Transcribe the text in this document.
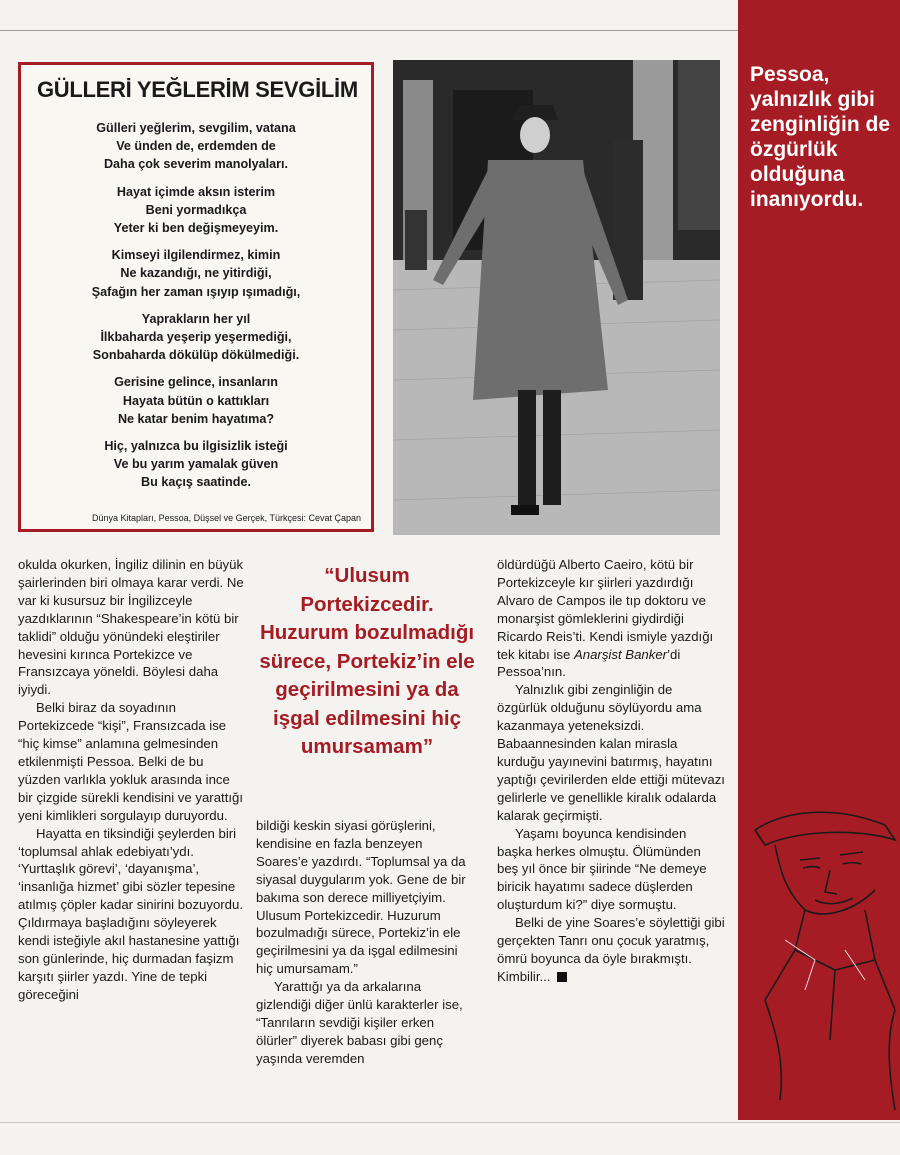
Pessoa, yalnızlık gibi zenginliğin de özgürlük olduğuna inanıyordu.
GÜLLERİ YEĞLERİM SEVGİLİM
Gülleri yeğlerim, sevgilim, vatana
Ve ünden de, erdemden de
Daha çok severim manolyaları.
Hayat içimde aksın isterim
Beni yormadıkça
Yeter ki ben değişmeyeyim.
Kimseyi ilgilendirmez, kimin
Ne kazandığı, ne yitirdiği,
Şafağın her zaman ışıyıp ışımadığı,
Yaprakların her yıl
İlkbaharda yeşerip yeşermediği,
Sonbaharda dökülüp dökülmediği.
Gerisine gelince, insanların
Hayata bütün o kattıkları
Ne katar benim hayatıma?
Hiç, yalnızca bu ilgisizlik isteği
Ve bu yarım yamalak güven
Bu kaçış saatinde.
Dünya Kitapları, Pessoa, Düşsel ve Gerçek, Türkçesi: Cevat Çapan

okulda okurken, İngiliz dilinin en büyük şairlerinden biri olmaya karar verdi. Ne var ki kusursuz bir İngilizceyle yazdıklarının “Shakespeare’in kötü bir taklidi” olduğu yönündeki eleştiriler hevesini kırınca Portekizce ve Fransızcaya yöneldi. Böylesi daha iyiydi.

Belki biraz da soyadının Portekizcede “kişi”, Fransızcada ise “hiç kimse” anlamına gelmesinden etkilenmişti Pessoa. Belki de bu yüzden varlıkla yokluk arasında ince bir çizgide sürekli kendisini ve yarattığı yeni kimlikleri sorgulayıp duruyordu.

Hayatta en tiksindiği şeylerden biri ‘toplumsal ahlak edebiyatı’ydı. ‘Yurttaşlık görevi’, ‘dayanışma’, ‘insanlığa hizmet’ gibi sözler tepesine atılmış çöpler kadar sinirini bozuyordu. Çıldırmaya başladığını söyleyerek kendi isteğiyle akıl hastanesine yattığı son günlerinde, hiç durmadan faşizm karşıtı şiirler yazdı. Yine de tepki göreceğini

“Ulusum Portekizcedir. Huzurum bozulmadığı sürece, Portekiz’in ele geçirilmesini ya da işgal edilmesini hiç umursamam”

bildiği keskin siyasi görüşlerini, kendisine en fazla benzeyen Soares’e yazdırdı. “Toplumsal ya da siyasal duygularım yok. Gene de bir bakıma son derece milliyetçiyim. Ulusum Portekizcedir. Huzurum bozulmadığı sürece, Portekiz’in ele geçirilmesini ya da işgal edilmesini hiç umursamam.”

Yarattığı ya da arkalarına gizlendiği diğer ünlü karakterler ise, “Tanrıların sevdiği kişiler erken ölürler” diyerek babası gibi genç yaşında veremden

öldürdüğü Alberto Caeiro, kötü bir Portekizceyle kır şiirleri yazdırdığı Alvaro de Campos ile tıp doktoru ve monarşist gömleklerini giydirdiği Ricardo Reis’ti. Kendi ismiyle yazdığı tek kitabı ise Anarşist Banker’di Pessoa’nın.

Yalnızlık gibi zenginliğin de özgürlük olduğunu söylüyordu ama kazanmaya yeteneksizdi. Babaannesinden kalan mirasla kurduğu yayınevini batırmış, hayatını yaptığı çevirilerden elde ettiği mütevazı gelirlerle ve genellikle kiralık odalarda kalarak geçirmişti.

Yaşamı boyunca kendisinden başka herkes olmuştu. Ölümünden beş yıl önce bir şiirinde “Ne demeye biricik hayatımı sadece düşlerden oluşturdum ki?” diye sormuştu.

Belki de yine Soares’e söylettiği gibi gerçekten Tanrı onu çocuk yaratmış, ömrü boyunca da öyle bırakmıştı. Kimbilir...
